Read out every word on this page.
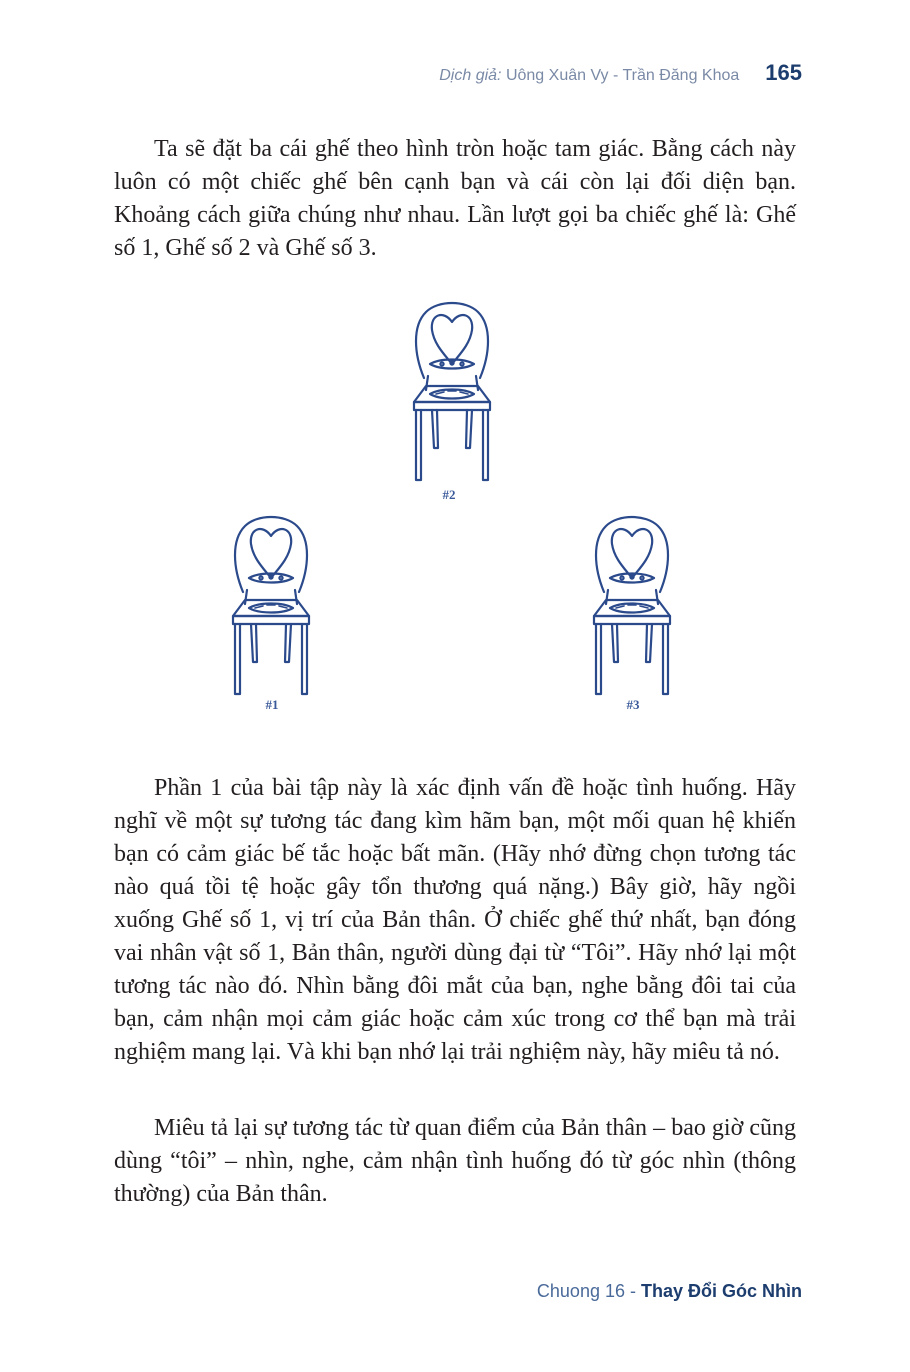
Dịch giả: Uông Xuân Vy - Trần Đăng Khoa 165

Ta sẽ đặt ba cái ghế theo hình tròn hoặc tam giác. Bằng cách này luôn có một chiếc ghế bên cạnh bạn và cái còn lại đối diện bạn. Khoảng cách giữa chúng như nhau. Lần lượt gọi ba chiếc ghế là: Ghế số 1, Ghế số 2 và Ghế số 3.

#2
#1	#3

Phần 1 của bài tập này là xác định vấn đề hoặc tình huống. Hãy nghĩ về một sự tương tác đang kìm hãm bạn, một mối quan hệ khiến bạn có cảm giác bế tắc hoặc bất mãn. (Hãy nhớ đừng chọn tương tác nào quá tồi tệ hoặc gây tổn thương quá nặng.) Bây giờ, hãy ngồi xuống Ghế số 1, vị trí của Bản thân. Ở chiếc ghế thứ nhất, bạn đóng vai nhân vật số 1, Bản thân, người dùng đại từ “Tôi”. Hãy nhớ lại một tương tác nào đó. Nhìn bằng đôi mắt của bạn, nghe bằng đôi tai của bạn, cảm nhận mọi cảm giác hoặc cảm xúc trong cơ thể bạn mà trải nghiệm mang lại. Và khi bạn nhớ lại trải nghiệm này, hãy miêu tả nó.

Miêu tả lại sự tương tác từ quan điểm của Bản thân – bao giờ cũng dùng “tôi” – nhìn, nghe, cảm nhận tình huống đó từ góc nhìn (thông thường) của Bản thân.

Chuong 16 - Thay Đổi Góc Nhìn
